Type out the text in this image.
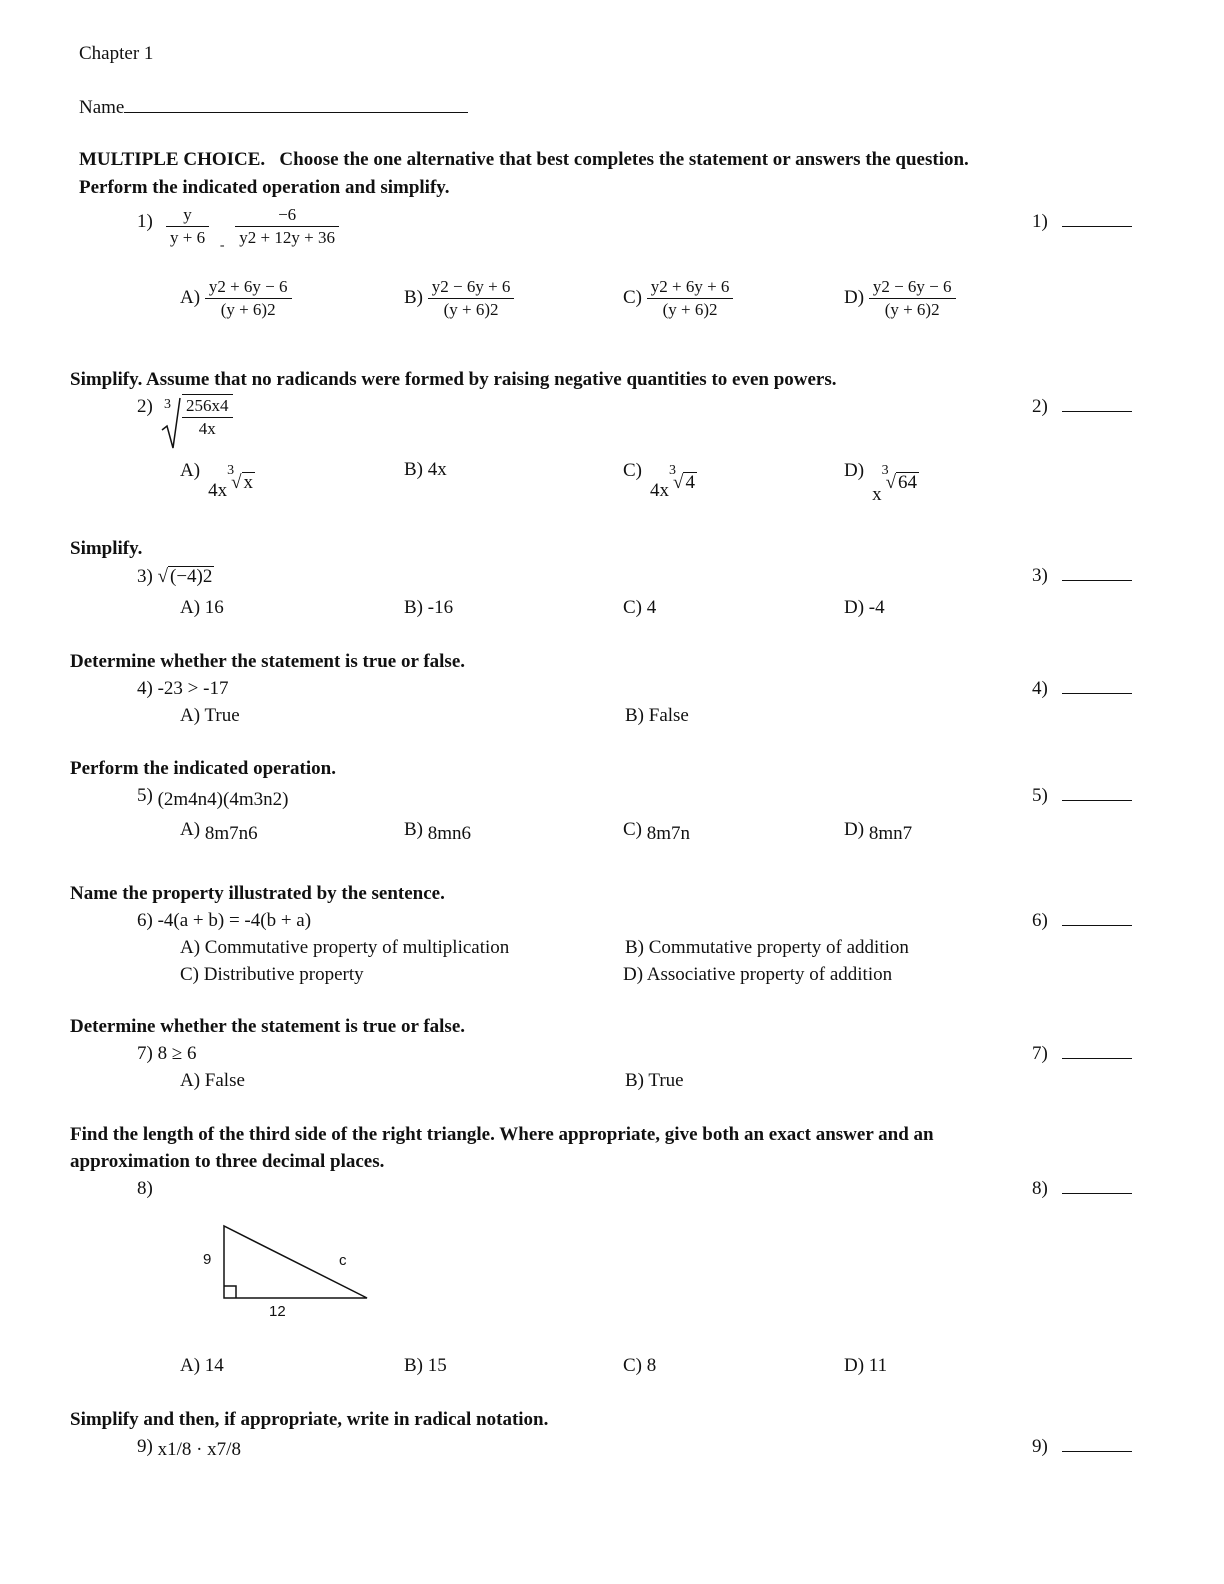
Chapter 1
Name
MULTIPLE CHOICE. Choose the one alternative that best completes the statement or answers the question.
Perform the indicated operation and simplify.
$1) \frac{y}{y + 6} _- \frac{-6}{y2 + 12y + 36}$
$A) \frac{y2 + 6y - 6}{(y + 6)2}$	$B) \frac{y2 - 6y + 6}{(y + 6)2}$	$C) \frac{y2 + 6y + 6}{(y + 6)2}$	$D) \frac{y2 - 6y - 6}{(y + 6)2}$
Simplify. Assume that no radicands were formed by raising negative quantities to even powers.
2) $3 \frac{256x4}{4x}$
A)4x3√ x
B) 4x	C)4x3√ 4
D)x3√ 64
Simplify.
3) √ (−4)2
A) 16	B) -16	C) 4	D) -4
Determine whether the statement is true or false.
4) -23 > -17
A) True	B) False
Perform the indicated operation.
5) (2m4n4)(4m3n2)
A) 8m7n6	B) 8mn6	C) 8m7n	D) 8mn7
Name the property illustrated by the sentence.
6) -4(a + b) = -4(b + a)
A) Commutative property of multiplication	B) Commutative property of addition
C) Distributive property	D) Associative property of addition
Determine whether the statement is true or false.
7) 8 ≥ 6
A) False	B) True
Find the length of the third side of the right triangle. Where appropriate, give both an exact answer and an
approximation to three decimal places.
8)
9
12
c
A) 14	B) 15	C) 8	D) 11
Simplify and then, if appropriate, write in radical notation.
9) x1/8 · x7/8
1)
2)
3)
4)
5)
6)
7)
8)
9)
